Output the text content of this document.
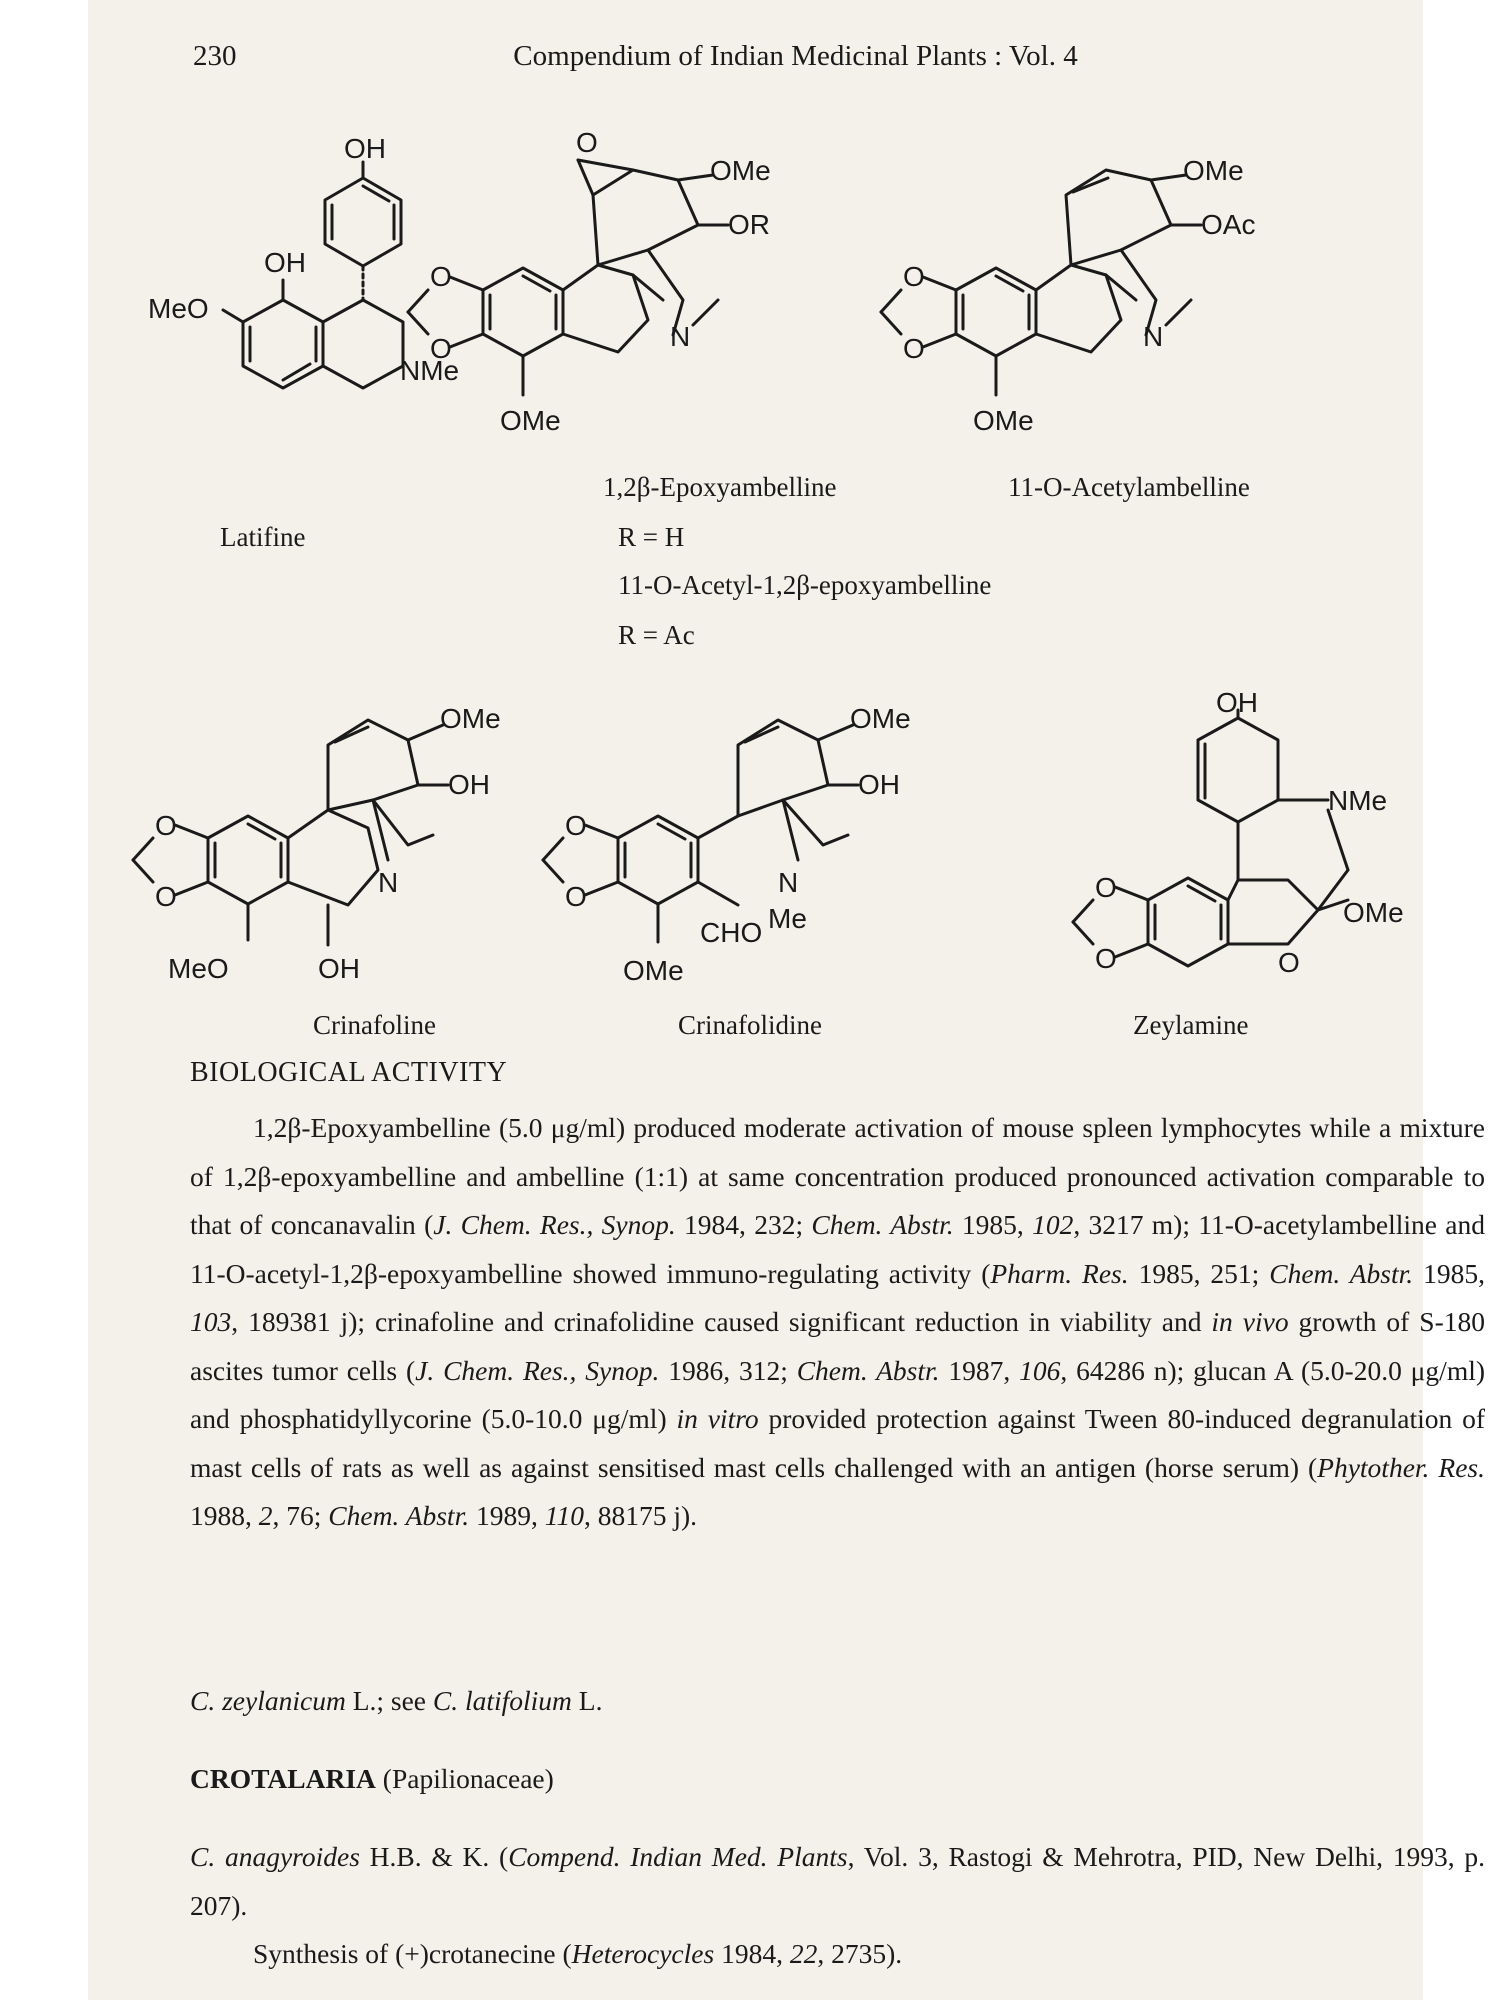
230	Compendium of Indian Medicinal Plants : Vol. 4
OH
OH
MeO
NMe
Latifine
O
O
OMe
O
OMe
OR
N
1,2β-Epoxyambelline
R = H
11-O-Acetyl-1,2β-epoxyambelline
R = Ac
O
O
OMe
OMe
OAc
N
11-O-Acetylambelline
O
O
MeO	OH
OMe
OH
N
Crinafoline
O
O
OMe
CHO
OMe
OH
N
Me
Crinafolidine
OH
NMe
O
O
OMe
O
Zeylamine
BIOLOGICAL ACTIVITY

1,2β-Epoxyambelline (5.0 μg/ml) produced moderate activation of mouse spleen lymphocytes while a mixture of 1,2β-epoxyambelline and ambelline (1:1) at same concentration produced pronounced activation comparable to that of concanavalin (J. Chem. Res., Synop. 1984, 232; Chem. Abstr. 1985, 102, 3217 m); 11-O-acetylambelline and 11-O-acetyl-1,2β-epoxyambelline showed immuno-regulating activity (Pharm. Res. 1985, 251; Chem. Abstr. 1985, 103, 189381 j); crinafoline and crinafolidine caused significant reduction in viability and in vivo growth of S-180 ascites tumor cells (J. Chem. Res., Synop. 1986, 312; Chem. Abstr. 1987, 106, 64286 n); glucan A (5.0-20.0 μg/ml) and phosphatidyllycorine (5.0-10.0 μg/ml) in vitro provided protection against Tween 80-induced degranulation of mast cells of rats as well as against sensitised mast cells challenged with an antigen (horse serum) (Phytother. Res. 1988, 2, 76; Chem. Abstr. 1989, 110, 88175 j).

C. zeylanicum L.; see C. latifolium L.

CROTALARIA (Papilionaceae)

C. anagyroides H.B. & K. (Compend. Indian Med. Plants, Vol. 3, Rastogi & Mehrotra, PID, New Delhi, 1993, p. 207).

Synthesis of (+)crotanecine (Heterocycles 1984, 22, 2735).
